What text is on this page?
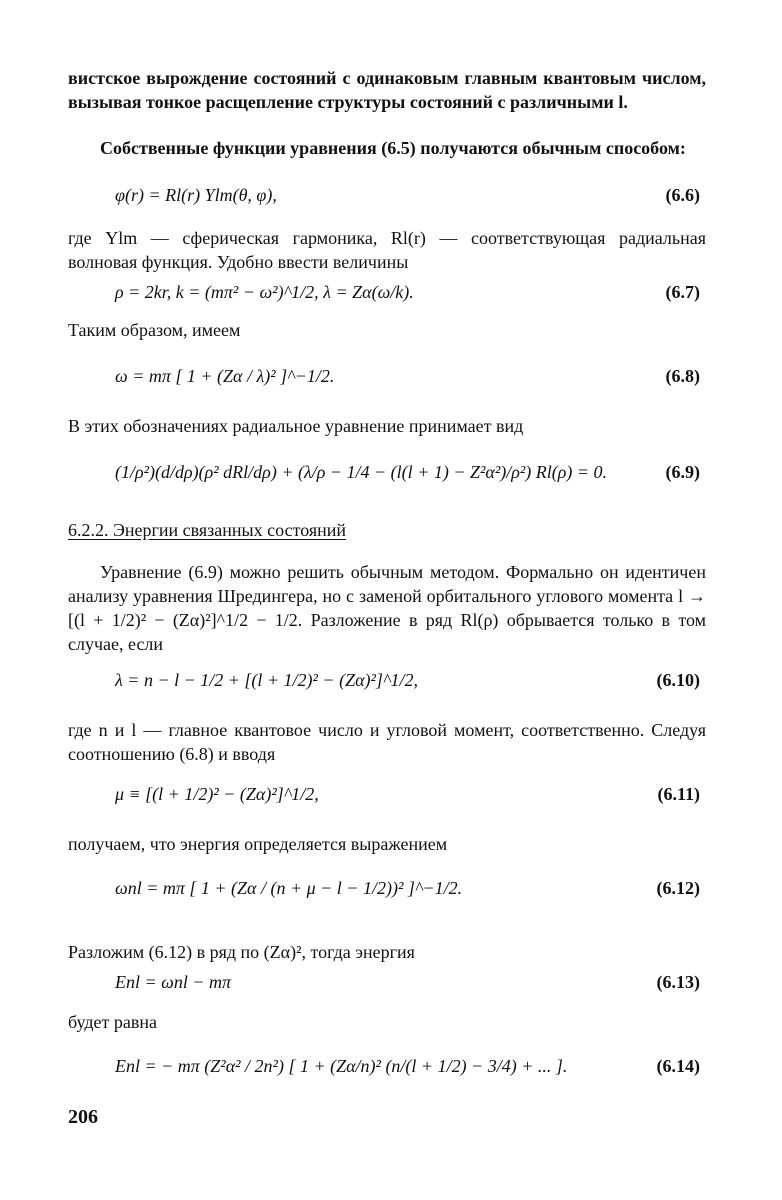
вистское вырождение состояний с одинаковым главным квантовым числом, вызывая тонкое расщепление структуры состояний с различными l.
Собственные функции уравнения (6.5) получаются обычным способом:
φ(r) = Rl(r) Ylm(θ, φ),	(6.6)
где Ylm — сферическая гармоника, Rl(r) — соответствующая радиальная волновая функция. Удобно ввести величины
ρ = 2kr, k = (mπ² − ω²)^1/2, λ = Zα(ω/k).	(6.7)
Таким образом, имеем
ω = mπ [ 1 + (Zα / λ)² ]^−1/2.	(6.8)
В этих обозначениях радиальное уравнение принимает вид
(1/ρ²)(d/dρ)(ρ² dRl/dρ) + (λ/ρ − 1/4 − (l(l + 1) − Z²α²)/ρ²) Rl(ρ) = 0.	(6.9)
6.2.2. Энергии связанных состояний
Уравнение (6.9) можно решить обычным методом. Формально он идентичен анализу уравнения Шредингера, но с заменой орбитального углового момента l → [(l + 1/2)² − (Zα)²]^1/2 − 1/2. Разложение в ряд Rl(ρ) обрывается только в том случае, если
λ = n − l − 1/2 + [(l + 1/2)² − (Zα)²]^1/2,	(6.10)
где n и l — главное квантовое число и угловой момент, соответственно. Следуя соотношению (6.8) и вводя
μ ≡ [(l + 1/2)² − (Zα)²]^1/2,	(6.11)
получаем, что энергия определяется выражением
ωnl = mπ [ 1 + (Zα / (n + μ − l − 1/2))² ]^−1/2.	(6.12)
Разложим (6.12) в ряд по (Zα)², тогда энергия
Enl = ωnl − mπ	(6.13)
будет равна
Enl = − mπ (Z²α² / 2n²) [ 1 + (Zα/n)² (n/(l + 1/2) − 3/4) + ... ].	(6.14)
206
